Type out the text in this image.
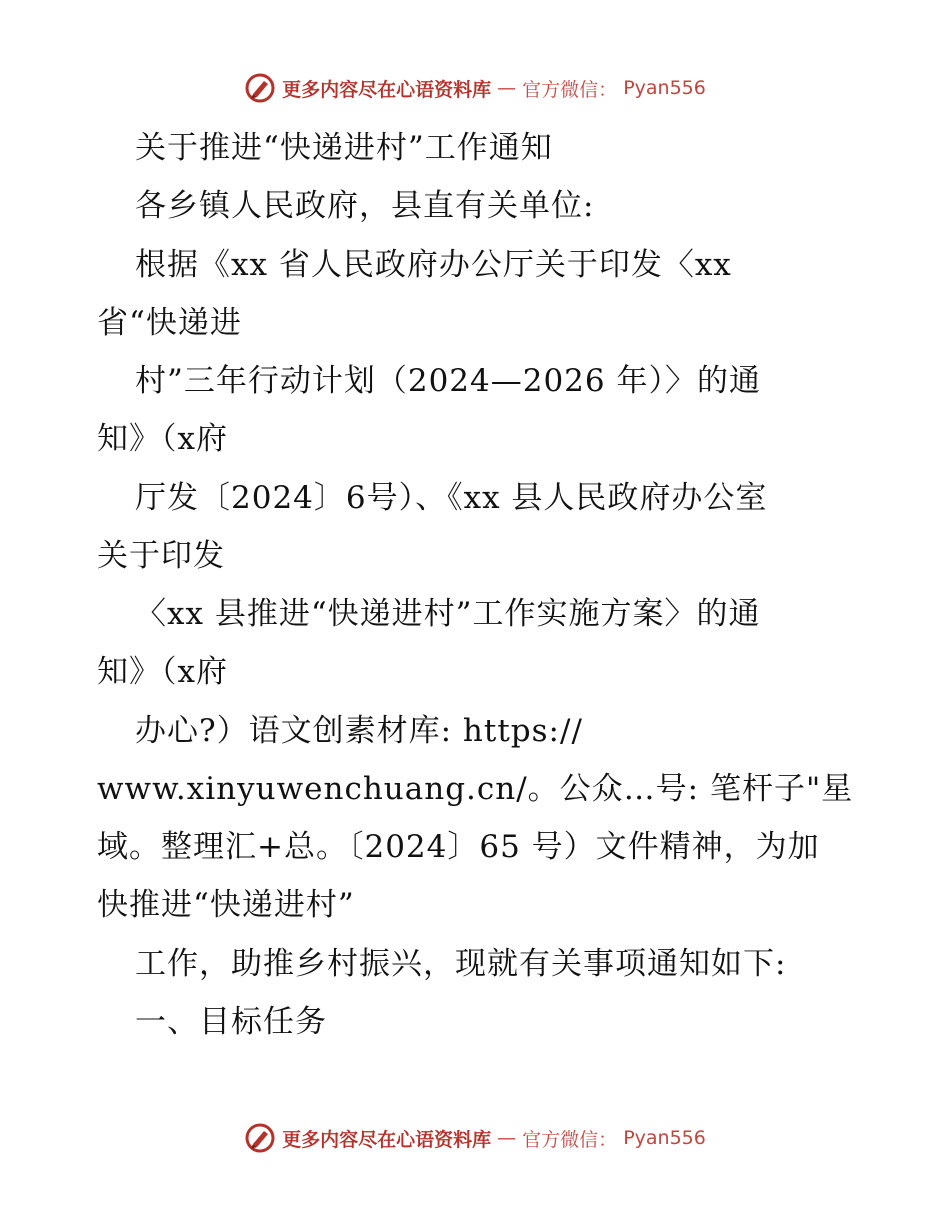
更多内容尽在心语资料库 — 官方微信： Pyan556
关于推进“快递进村”工作通知
各乡镇人民政府，县直有关单位:
根据《xx 省人民政府办公厅关于印发〈xx
省“快递进
村”三年行动计划（2024—2026 年）〉的通
知》（x府
厅发〔2024〕6号）、《xx 县人民政府办公室
关于印发
〈xx 县推进“快递进村”工作实施方案〉的通
知》（x府
办心?）语文创素材库: https://
www.xinyuwenchuang.cn/。公众…号: 笔杆子"星
域。整理汇+总。〔2024〕65 号）文件精神，为加
快推进“快递进村”
工作，助推乡村振兴，现就有关事项通知如下:
一、目标任务
更多内容尽在心语资料库 — 官方微信： Pyan556
